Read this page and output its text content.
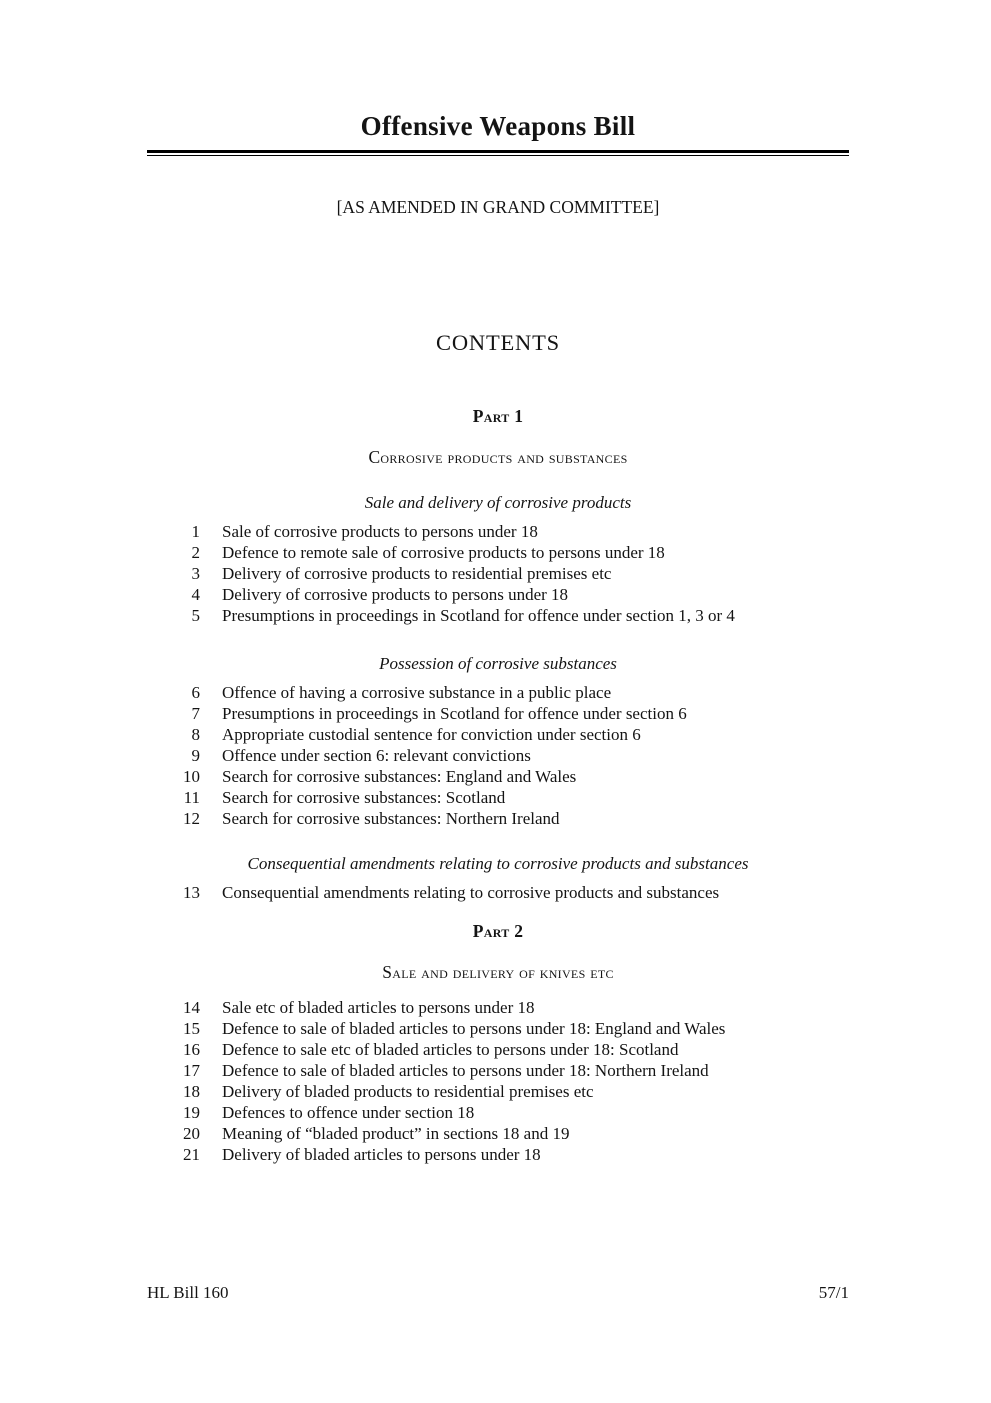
Offensive Weapons Bill
[AS AMENDED IN GRAND COMMITTEE]
CONTENTS
Part 1
Corrosive products and substances
Sale and delivery of corrosive products
1 Sale of corrosive products to persons under 18
2 Defence to remote sale of corrosive products to persons under 18
3 Delivery of corrosive products to residential premises etc
4 Delivery of corrosive products to persons under 18
5 Presumptions in proceedings in Scotland for offence under section 1, 3 or 4
Possession of corrosive substances
6 Offence of having a corrosive substance in a public place
7 Presumptions in proceedings in Scotland for offence under section 6
8 Appropriate custodial sentence for conviction under section 6
9 Offence under section 6: relevant convictions
10 Search for corrosive substances: England and Wales
11 Search for corrosive substances: Scotland
12 Search for corrosive substances: Northern Ireland
Consequential amendments relating to corrosive products and substances
13 Consequential amendments relating to corrosive products and substances
Part 2
Sale and delivery of knives etc
14 Sale etc of bladed articles to persons under 18
15 Defence to sale of bladed articles to persons under 18: England and Wales
16 Defence to sale etc of bladed articles to persons under 18: Scotland
17 Defence to sale of bladed articles to persons under 18: Northern Ireland
18 Delivery of bladed products to residential premises etc
19 Defences to offence under section 18
20 Meaning of “bladed product” in sections 18 and 19
21 Delivery of bladed articles to persons under 18
HL Bill 160	57/1
